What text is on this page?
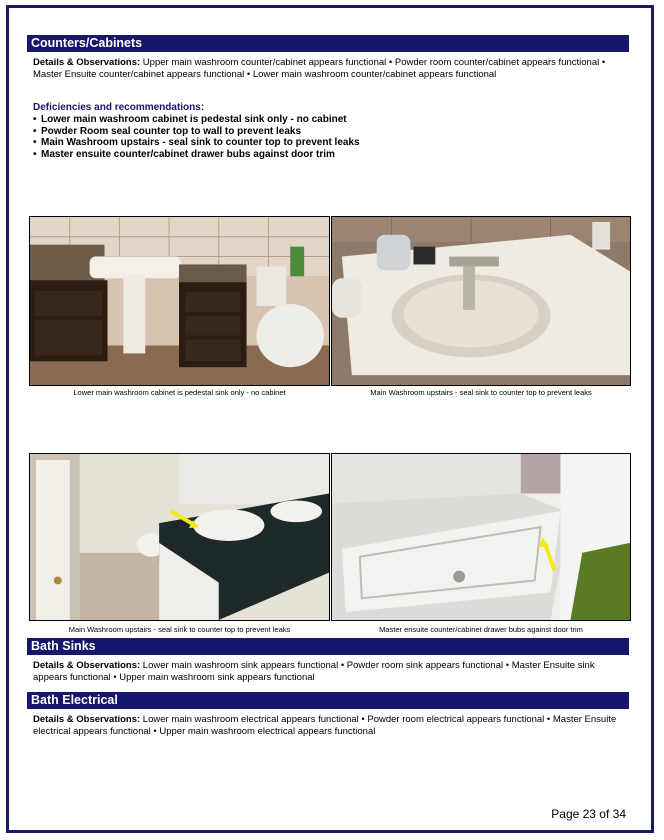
Counters/Cabinets
Details & Observations: Upper main washroom counter/cabinet appears functional • Powder room counter/cabinet appears functional • Master Ensuite counter/cabinet appears functional • Lower main washroom counter/cabinet appears functional
Deficiencies and recommendations:
• Lower main washroom cabinet is pedestal sink only - no cabinet
• Powder Room seal counter top to wall to prevent leaks
• Main Washroom upstairs - seal sink to counter top to prevent leaks
• Master ensuite counter/cabinet drawer bubs against door trim
Lower main washroom cabinet is pedestal sink only - no cabinet	Main Washroom upstairs - seal sink to counter top to prevent leaks
Main Washroom upstairs - seal sink to counter top to prevent leaks	Master ensuite counter/cabinet drawer bubs against door trim
Bath Sinks
Details & Observations: Lower main washroom sink appears functional • Powder room sink appears functional • Master Ensuite sink appears functional • Upper main washroom sink appears functional
Bath Electrical
Details & Observations: Lower main washroom electrical appears functional • Powder room electrical appears functional • Master Ensuite electrical appears functional • Upper main washroom electrical appears functional
Page 23 of 34
